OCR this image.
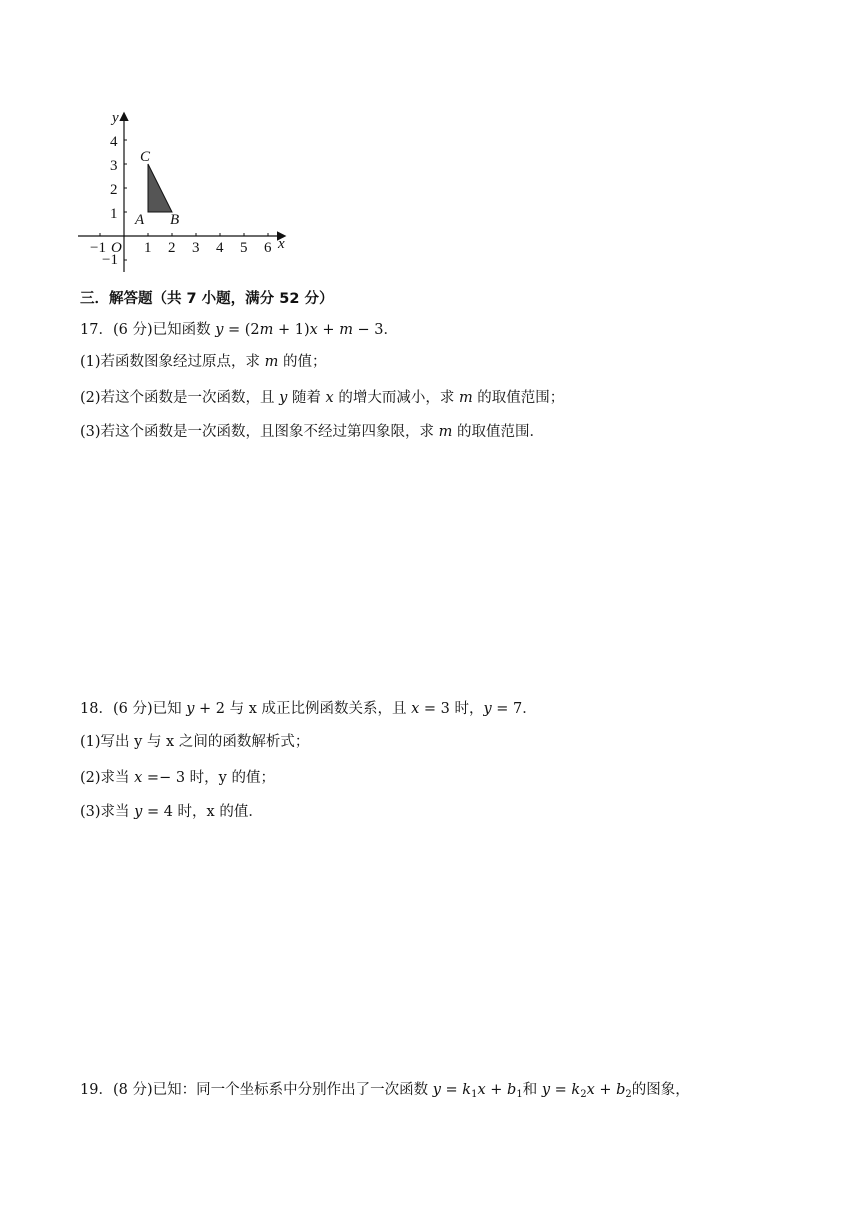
y
x
O
4
3
2
1
−1
−1	1 2 3 4 5 6
A B
C
三．解答题（共 7 小题，满分 52 分）
17．(6 分)已知函数 𝑦 = (2𝑚 + 1)𝑥 + 𝑚 − 3．
(1)若函数图象经过原点，求 𝑚 的值；
(2)若这个函数是一次函数，且 𝑦 随着 𝑥 的增大而减小，求 𝑚 的取值范围；
(3)若这个函数是一次函数，且图象不经过第四象限，求 𝑚 的取值范围．
18．(6 分)已知 𝑦 + 2 与 x 成正比例函数关系，且 𝑥 = 3 时，𝑦 = 7．
(1)写出 y 与 x 之间的函数解析式；
(2)求当 𝑥 =− 3 时，y 的值；
(3)求当 𝑦 = 4 时，x 的值．
19．(8 分)已知：同一个坐标系中分别作出了一次函数 $y = k_1x + b_1$和 $y = k_2x + b_2$的图象，
